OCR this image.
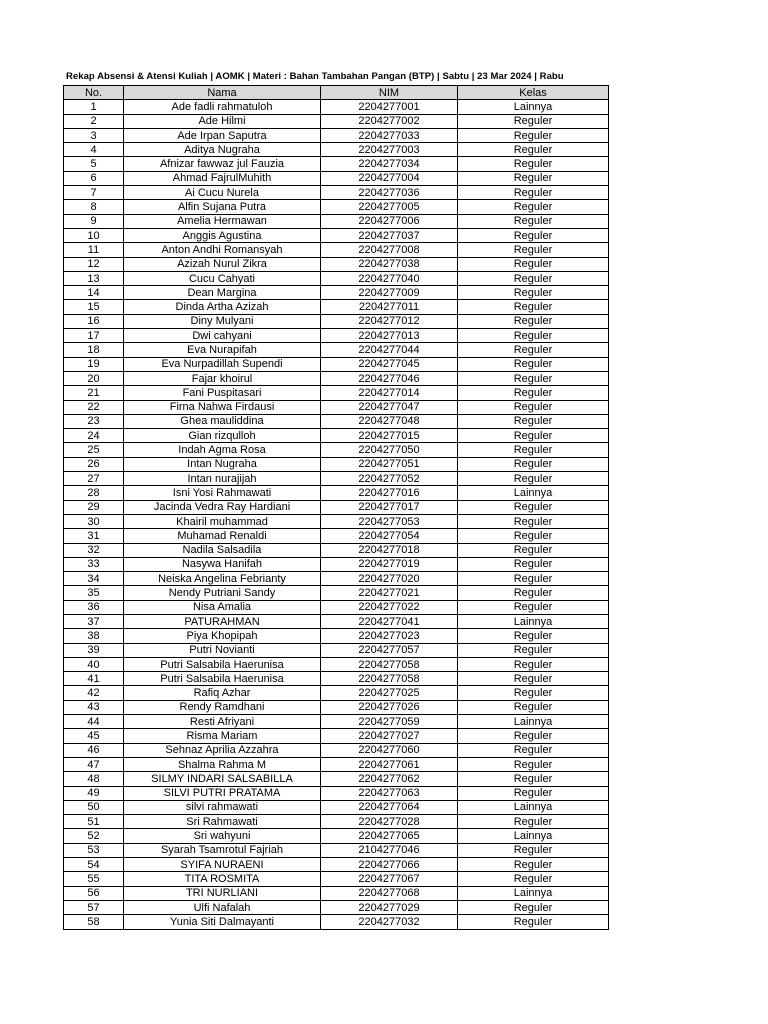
Rekap Absensi & Atensi Kuliah | AOMK | Materi : Bahan Tambahan Pangan (BTP) | Sabtu | 23 Mar 2024 | Rabu
No.	Nama	NIM	Kelas
1	Ade fadli rahmatuloh	2204277001	Lainnya
2	Ade Hilmi	2204277002	Reguler
3	Ade Irpan Saputra	2204277033	Reguler
4	Aditya Nugraha	2204277003	Reguler
5	Afnizar fawwaz jul Fauzia	2204277034	Reguler
6	Ahmad FajrulMuhith	2204277004	Reguler
7	Ai Cucu Nurela	2204277036	Reguler
8	Alfin Sujana Putra	2204277005	Reguler
9	Amelia Hermawan	2204277006	Reguler
10	Anggis Agustina	2204277037	Reguler
11	Anton Andhi Romansyah	2204277008	Reguler
12	Azizah Nurul Zikra	2204277038	Reguler
13	Cucu Cahyati	2204277040	Reguler
14	Dean Margina	2204277009	Reguler
15	Dinda Artha Azizah	2204277011	Reguler
16	Diny Mulyani	2204277012	Reguler
17	Dwi cahyani	2204277013	Reguler
18	Eva Nurapifah	2204277044	Reguler
19	Eva Nurpadillah Supendi	2204277045	Reguler
20	Fajar khoirul	2204277046	Reguler
21	Fani Puspitasari	2204277014	Reguler
22	Firna Nahwa Firdausi	2204277047	Reguler
23	Ghea mauliddina	2204277048	Reguler
24	Gian rizqulloh	2204277015	Reguler
25	Indah Agma Rosa	2204277050	Reguler
26	Intan Nugraha	2204277051	Reguler
27	Intan nurajijah	2204277052	Reguler
28	Isni Yosi Rahmawati	2204277016	Lainnya
29	Jacinda Vedra Ray Hardiani	2204277017	Reguler
30	Khairil muhammad	2204277053	Reguler
31	Muhamad Renaldi	2204277054	Reguler
32	Nadila Salsadila	2204277018	Reguler
33	Nasywa Hanifah	2204277019	Reguler
34	Neiska Angelina Febrianty	2204277020	Reguler
35	Nendy Putriani Sandy	2204277021	Reguler
36	Nisa Amalia	2204277022	Reguler
37	PATURAHMAN	2204277041	Lainnya
38	Piya Khopipah	2204277023	Reguler
39	Putri Novianti	2204277057	Reguler
40	Putri Salsabila Haerunisa	2204277058	Reguler
41	Putri Salsabila Haerunisa	2204277058	Reguler
42	Rafiq Azhar	2204277025	Reguler
43	Rendy Ramdhani	2204277026	Reguler
44	Resti Afriyani	2204277059	Lainnya
45	Risma Mariam	2204277027	Reguler
46	Sehnaz Aprilia Azzahra	2204277060	Reguler
47	Shalma Rahma M	2204277061	Reguler
48	SILMY INDARI SALSABILLA	2204277062	Reguler
49	SILVI PUTRI PRATAMA	2204277063	Reguler
50	silvi rahmawati	2204277064	Lainnya
51	Sri Rahmawati	2204277028	Reguler
52	Sri wahyuni	2204277065	Lainnya
53	Syarah Tsamrotul Fajriah	2104277046	Reguler
54	SYIFA NURAENI	2204277066	Reguler
55	TITA ROSMITA	2204277067	Reguler
56	TRI NURLIANI	2204277068	Lainnya
57	Ulfi Nafalah	2204277029	Reguler
58	Yunia Siti Dalmayanti	2204277032	Reguler
